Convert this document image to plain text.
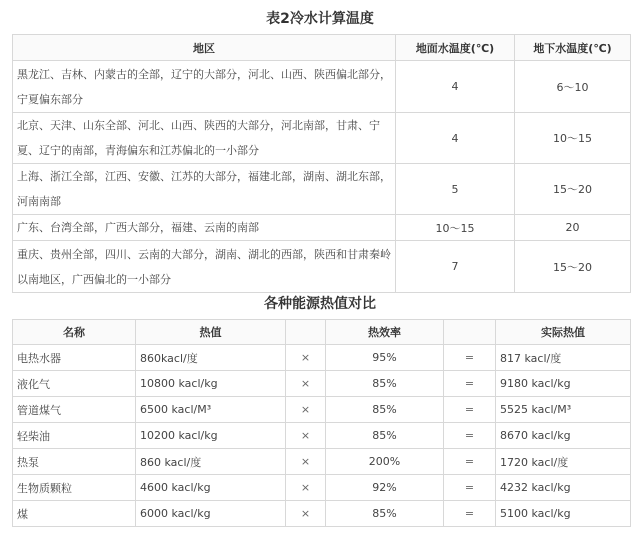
表2冷水计算温度
地区	地面水温度(℃)	地下水温度(℃)
黑龙江、吉林、内蒙古的全部，辽宁的大部分，河北、山西、陕西偏北部分，宁夏偏东部分	4	6～10
北京、天津、山东全部、河北、山西、陕西的大部分，河北南部，甘肃、宁夏、辽宁的南部，青海偏东和江苏偏北的一小部分	4	10～15
上海、浙江全部，江西、安徽、江苏的大部分，福建北部，湖南、湖北东部，河南南部	5	15～20
广东、台湾全部，广西大部分，福建、云南的南部	10～15	20
重庆、贵州全部，四川、云南的大部分，湖南、湖北的西部，陕西和甘肃秦岭以南地区，广西偏北的一小部分	7	15～20
各种能源热值对比
名称	热值		热效率		实际热值
电热水器	860kacl/度	×	95%	=	817 kacl/度
液化气	10800 kacl/kg	×	85%	=	9180 kacl/kg
管道煤气	6500 kacl/M³	×	85%	=	5525 kacl/M³
轻柴油	10200 kacl/kg	×	85%	=	8670 kacl/kg
热泵	860 kacl/度	×	200%	=	1720 kacl/度
生物质颗粒	4600 kacl/kg	×	92%	=	4232 kacl/kg
煤	6000 kacl/kg	×	85%	=	5100 kacl/kg
